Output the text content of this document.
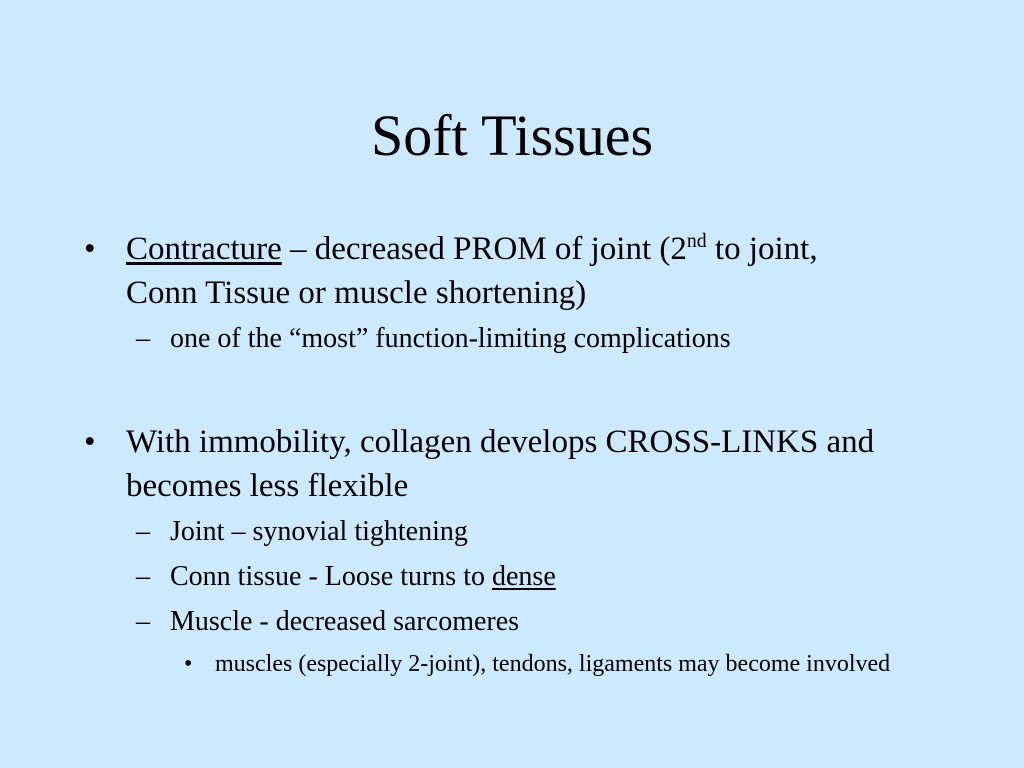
Soft Tissues
• Contracture – decreased PROM of joint (2nd to joint, Conn Tissue or muscle shortening)
– one of the “most” function-limiting complications
• With immobility, collagen develops CROSS-LINKS and becomes less flexible
– Joint – synovial tightening
– Conn tissue - Loose turns to dense
– Muscle - decreased sarcomeres
• muscles (especially 2-joint), tendons, ligaments may become involved
